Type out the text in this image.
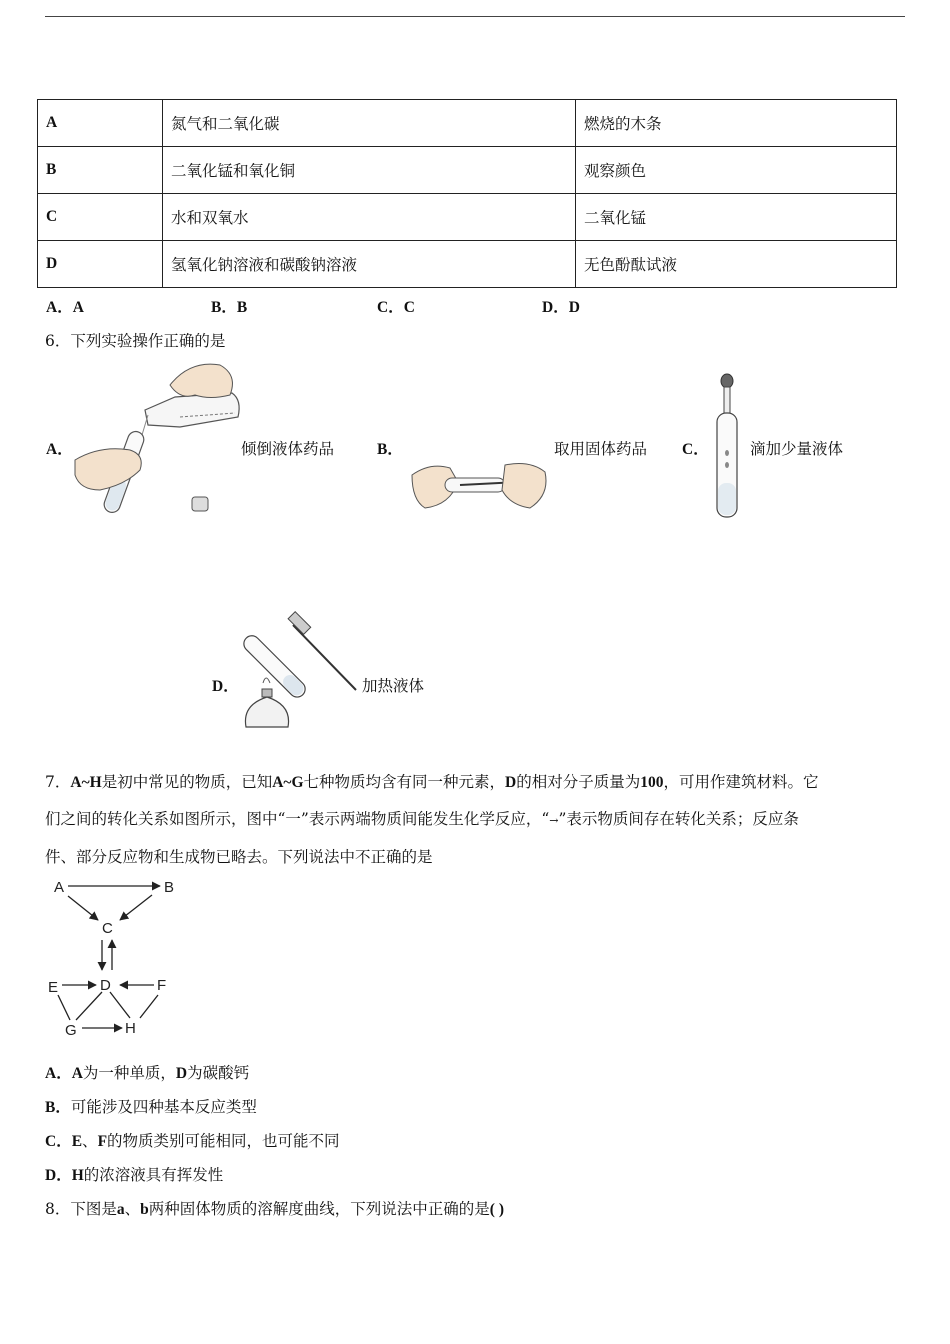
A	氮气和二氧化碳	燃烧的木条
B	二氧化锰和氧化铜	观察颜色
C	水和双氧水	二氧化锰
D	氢氧化钠溶液和碳酸钠溶液	无色酚酞试液
A．A	B．B	C．C	D．D
6．下列实验操作正确的是
A．	倾倒液体药品	B．	取用固体药品 C．	滴加少量液体
D．	加热液体
7．A~H是初中常见的物质，已知A~G七种物质均含有同一种元素，D的相对分子质量为100，可用作建筑材料。它
们之间的转化关系如图所示，图中“一”表示两端物质间能发生化学反应，“→”表示物质间存在转化关系；反应条
件、部分反应物和生成物已略去。下列说法中不正确的是
A	B
C
D
E	F
G	H
A．A为一种单质，D为碳酸钙
B．可能涉及四种基本反应类型
C．E、F的物质类别可能相同，也可能不同
D．H的浓溶液具有挥发性
8．下图是a、b两种固体物质的溶解度曲线，下列说法中正确的是( )
